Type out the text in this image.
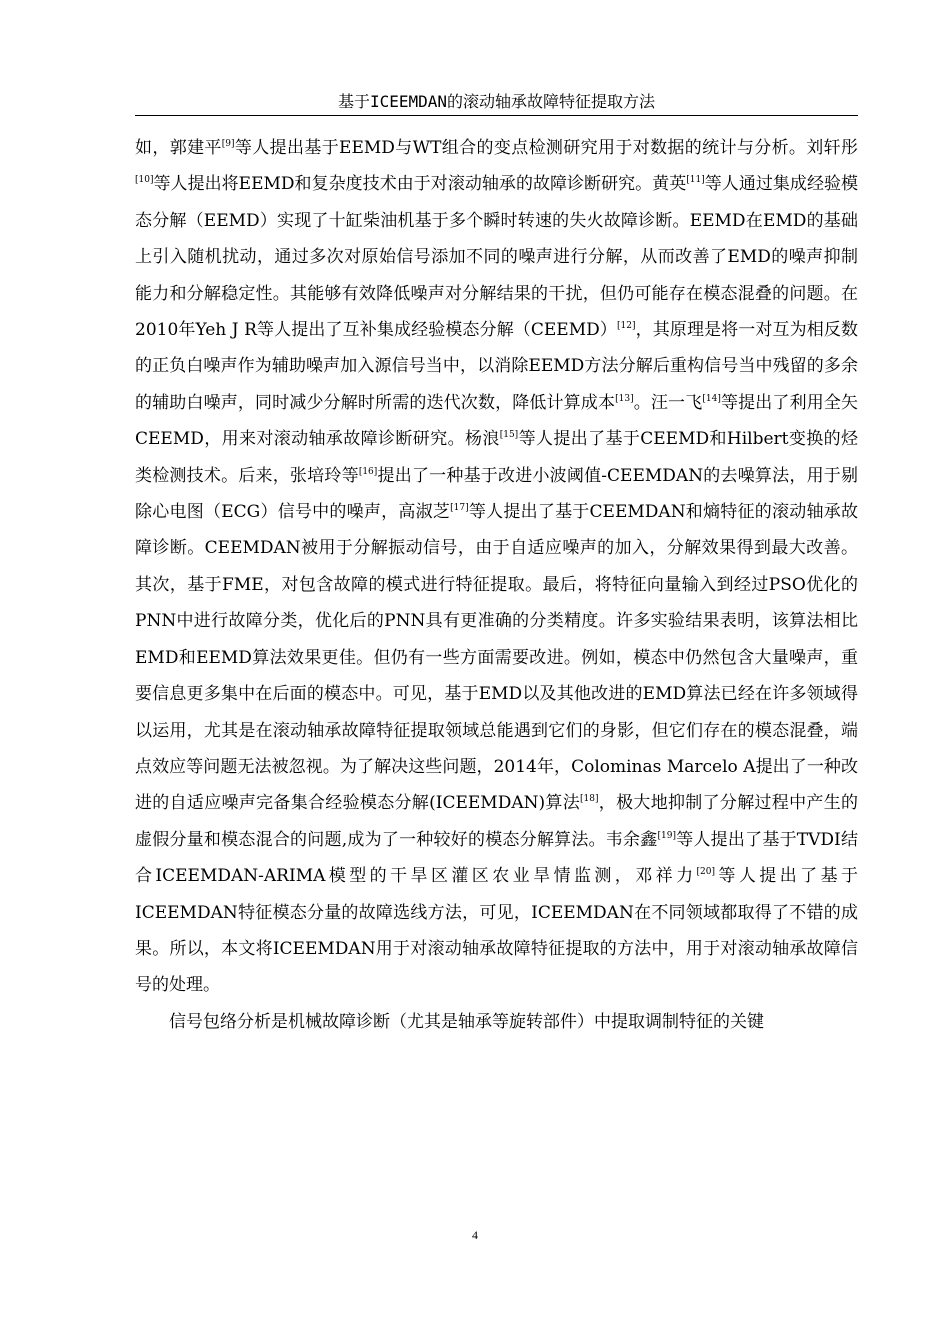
基于ICEEMDAN的滚动轴承故障特征提取方法

如，郭建平[9]等人提出基于EEMD与WT组合的变点检测研究用于对数据的统计与分析。刘轩彤[10]等人提出将EEMD和复杂度技术由于对滚动轴承的故障诊断研究。黄英[11]等人通过集成经验模态分解（EEMD）实现了十缸柴油机基于多个瞬时转速的失火故障诊断。EEMD在EMD的基础上引入随机扰动，通过多次对原始信号添加不同的噪声进行分解，从而改善了EMD的噪声抑制能力和分解稳定性。其能够有效降低噪声对分解结果的干扰，但仍可能存在模态混叠的问题。在2010年Yeh J R等人提出了互补集成经验模态分解（CEEMD）[12]，其原理是将一对互为相反数的正负白噪声作为辅助噪声加入源信号当中，以消除EEMD方法分解后重构信号当中残留的多余的辅助白噪声，同时减少分解时所需的迭代次数，降低计算成本[13]。汪一飞[14]等提出了利用全矢CEEMD，用来对滚动轴承故障诊断研究。杨浪[15]等人提出了基于CEEMD和Hilbert变换的烃类检测技术。后来，张培玲等[16]提出了一种基于改进小波阈值-CEEMDAN的去噪算法，用于剔除心电图（ECG）信号中的噪声，高淑芝[17]等人提出了基于CEEMDAN和熵特征的滚动轴承故障诊断。CEEMDAN被用于分解振动信号，由于自适应噪声的加入，分解效果得到最大改善。其次，基于FME，对包含故障的模式进行特征提取。最后，将特征向量输入到经过PSO优化的PNN中进行故障分类，优化后的PNN具有更准确的分类精度。许多实验结果表明，该算法相比EMD和EEMD算法效果更佳。但仍有一些方面需要改进。例如，模态中仍然包含大量噪声，重要信息更多集中在后面的模态中。可见，基于EMD以及其他改进的EMD算法已经在许多领域得以运用，尤其是在滚动轴承故障特征提取领域总能遇到它们的身影，但它们存在的模态混叠，端点效应等问题无法被忽视。为了解决这些问题，2014年，Colominas Marcelo A提出了一种改进的自适应噪声完备集合经验模态分解(ICEEMDAN)算法[18]，极大地抑制了分解过程中产生的虚假分量和模态混合的问题,成为了一种较好的模态分解算法。韦余鑫[19]等人提出了基于TVDI结合ICEEMDAN-ARIMA模型的干旱区灌区农业旱情监测，邓祥力[20]等人提出了基于ICEEMDAN特征模态分量的故障选线方法，可见，ICEEMDAN在不同领域都取得了不错的成果。所以，本文将ICEEMDAN用于对滚动轴承故障特征提取的方法中，用于对滚动轴承故障信号的处理。

信号包络分析是机械故障诊断（尤其是轴承等旋转部件）中提取调制特征的关键

4
